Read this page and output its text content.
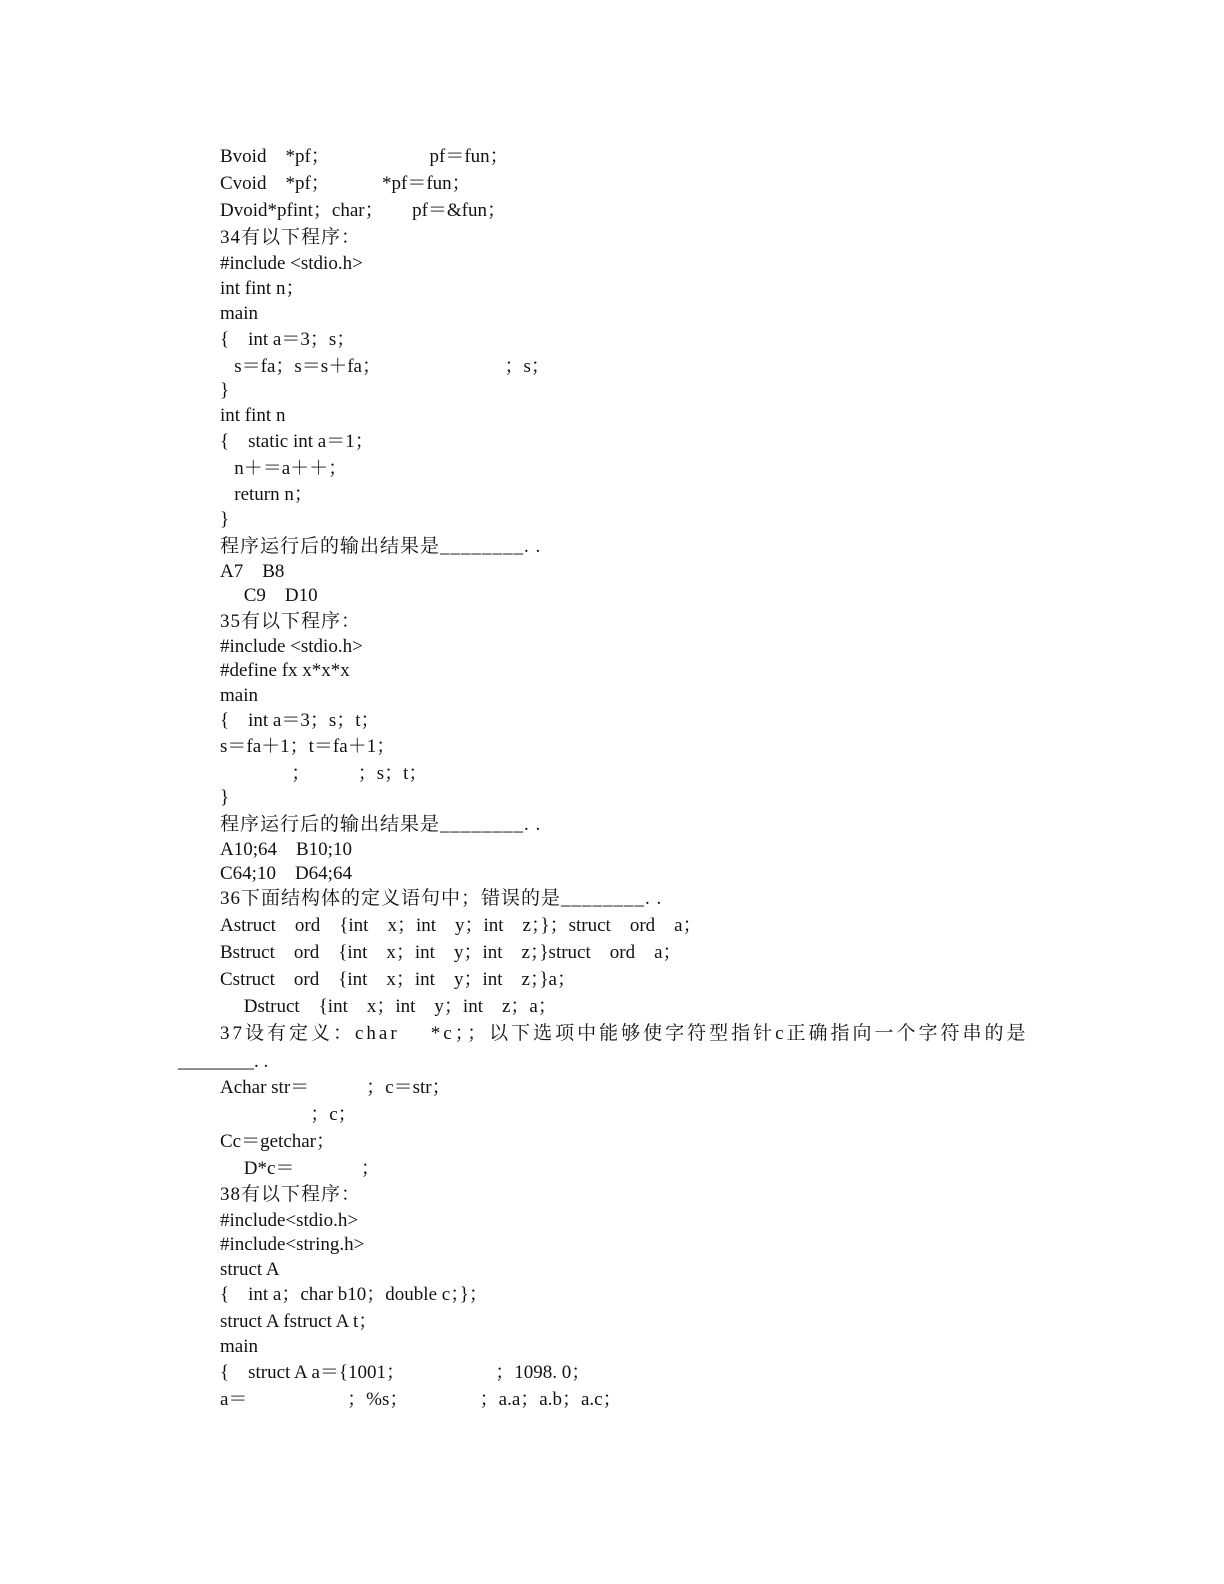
Bvoid    *pf；                     pf＝fun；
Cvoid    *pf；           *pf＝fun；
Dvoid*pfint；char；      pf＝&fun；
34有以下程序：
#include <stdio.h>
int fint n；
main
{    int a＝3；s；
s＝fa；s＝s＋fa；                          ；s；
}
int fint n
{    static int a＝1；
n＋＝a＋＋；
return n；
}
程序运行后的输出结果是________. .
A7    B8
C9    D10
35有以下程序：
#include <stdio.h>
#define fx x*x*x
main
{    int a＝3；s；t；
s＝fa＋1；t＝fa＋1；
；          ；s；t；
}
程序运行后的输出结果是________. .
A10;64    B10;10
C64;10    D64;64
36下面结构体的定义语句中；错误的是________. .
Astruct    ord    {int    x；int    y；int    z；}；struct    ord    a；
Bstruct    ord    {int    x；int    y；int    z；}struct    ord    a；
Cstruct    ord    {int    x；int    y；int    z；}a；
Dstruct    {int    x；int    y；int    z；a；
37设有定义：char    *c；；以下选项中能够使字符型指针c正确指向一个字符串的是
________. .
Achar str＝            ；c＝str；
；c；
Cc＝getchar；
D*c＝              ；
38有以下程序：
#include<stdio.h>
#include<string.h>
struct A
{    int a；char b10；double c；}；
struct A fstruct A t；
main
{    struct A a＝{1001；                   ；1098. 0；
a＝                     ；%s；               ；a.a；a.b；a.c；
